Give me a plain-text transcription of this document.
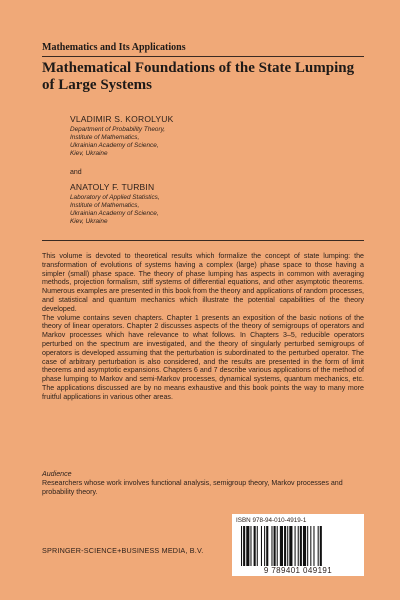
Mathematics and Its Applications
Mathematical Foundations of the State Lumping
of Large Systems
VLADIMIR S. KOROLYUK
Department of Probability Theory,
Institute of Mathematics,
Ukrainian Academy of Science,
Kiev, Ukraine
and
ANATOLY F. TURBIN
Laboratory of Applied Statistics,
Institute of Mathematics,
Ukrainian Academy of Science,
Kiev, Ukraine

This volume is devoted to theoretical results which formalize the concept of state lumping: the transformation of evolutions of systems having a complex (large) phase space to those having a simpler (small) phase space. The theory of phase lumping has aspects in common with averaging methods, projection formalism, stiff systems of differential equations, and other asymptotic theorems. Numerous examples are presented in this book from the theory and applications of random processes, and statistical and quantum mechanics which illustrate the potential capabilities of the theory developed.

The volume contains seven chapters. Chapter 1 presents an exposition of the basic notions of the theory of linear operators. Chapter 2 discusses aspects of the theory of semigroups of operators and Markov processes which have relevance to what follows. In Chapters 3–5, reducible operators perturbed on the spectrum are investigated, and the theory of singularly perturbed semigroups of operators is developed assuming that the perturbation is subordinated to the perturbed operator. The case of arbitrary perturbation is also considered, and the results are presented in the form of limit theorems and asymptotic expansions. Chapters 6 and 7 describe various applications of the method of phase lumping to Markov and semi-Markov processes, dynamical systems, quantum mechanics, etc. The applications discussed are by no means exhaustive and this book points the way to many more fruitful applications in various other areas.

Audience
Researchers whose work involves functional analysis, semigroup theory, Markov processes and probability theory.
SPRINGER-SCIENCE+BUSINESS MEDIA, B.V.
ISBN 978-94-010-4919-1
9 789401 049191
